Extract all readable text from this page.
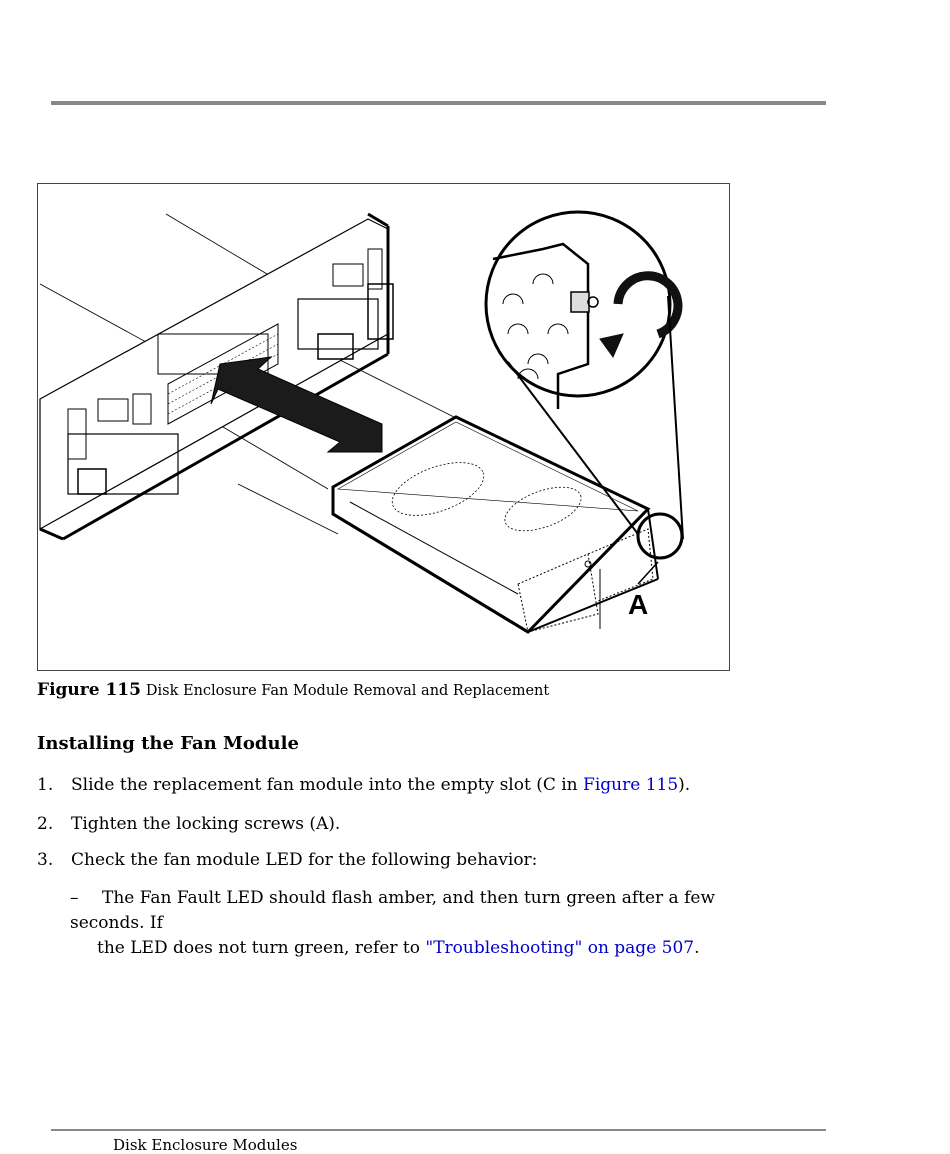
A
Figure 115 Disk Enclosure Fan Module Removal and Replacement
Installing the Fan Module
1. Slide the replacement fan module into the empty slot (C in Figure 115).
2. Tighten the locking screws (A).
3. Check the fan module LED for the following behavior:
– The Fan Fault LED should flash amber, and then turn green after a few seconds. If
the LED does not turn green, refer to "Troubleshooting" on page 507.
Disk Enclosure Modules
